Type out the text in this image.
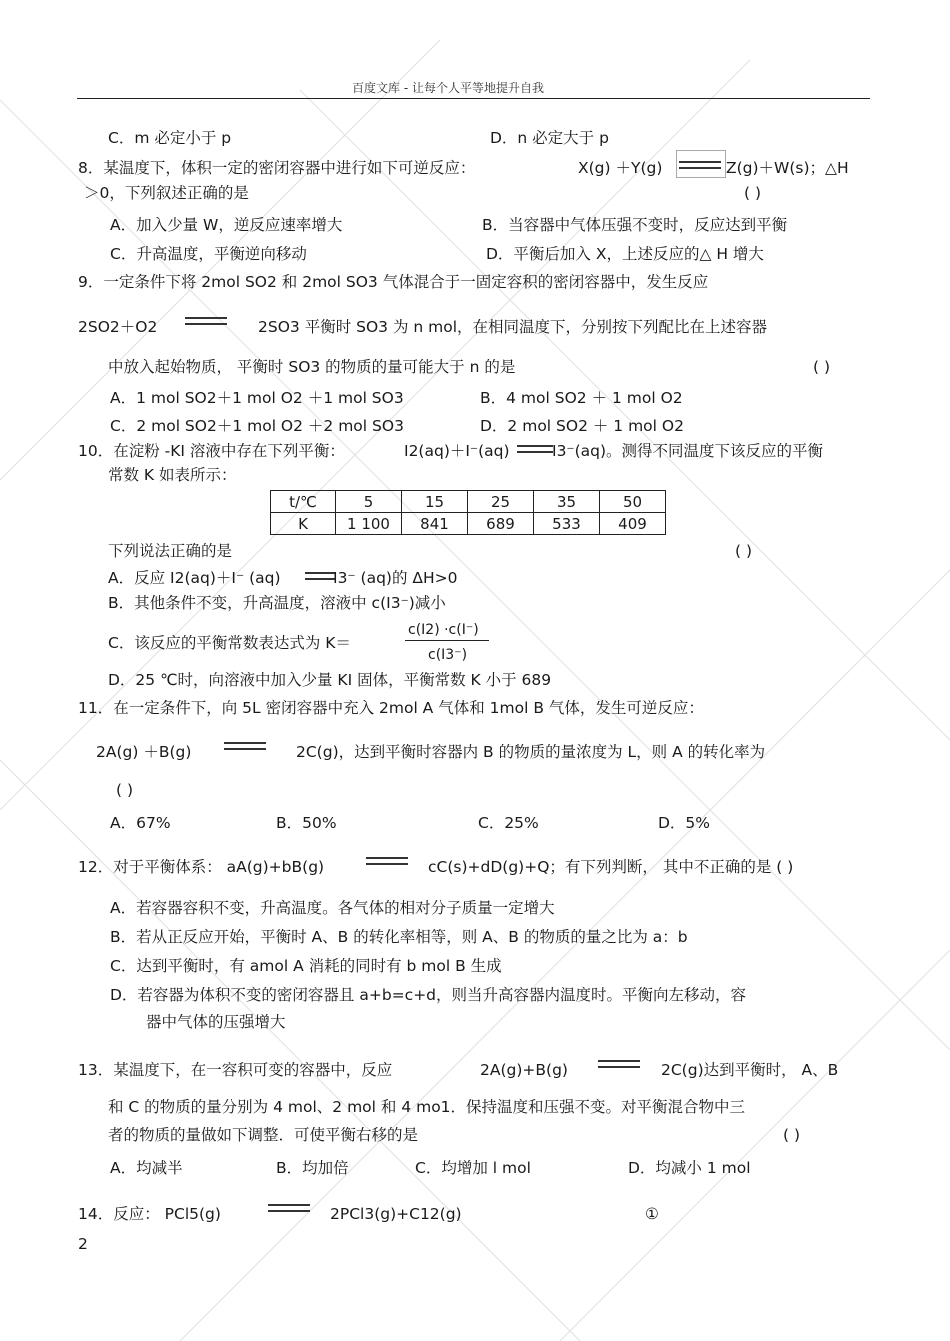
百度文库 - 让每个人平等地提升自我
C．m 必定小于 p	D．n 必定大于 p
8．某温度下，体积一定的密闭容器中进行如下可逆反应：	X(g) ＋Y(g)	Z(g)＋W(s)；△H
＞0，下列叙述正确的是	( )
A．加入少量 W，逆反应速率增大	B．当容器中气体压强不变时，反应达到平衡
C．升高温度，平衡逆向移动	D．平衡后加入 X，上述反应的△ H 增大
9．一定条件下将 2mol SO2 和 2mol SO3 气体混合于一固定容积的密闭容器中，发生反应
2SO2＋O2	2SO3 平衡时 SO3 为 n mol，在相同温度下，分别按下列配比在上述容器
中放入起始物质， 平衡时 SO3 的物质的量可能大于 n 的是	( )
A．1 mol SO2＋1 mol O2 ＋1 mol SO3	B．4 mol SO2 ＋ 1 mol O2
C．2 mol SO2＋1 mol O2 ＋2 mol SO3	D．2 mol SO2 ＋ 1 mol O2
10．在淀粉 -KI 溶液中存在下列平衡：	I2(aq)＋I⁻(aq)	I3⁻(aq)。测得不同温度下该反应的平衡
常数 K 如表所示：
t/℃	5	15	25	35	50
K	1 100	841	689	533	409
下列说法正确的是	( )
A．反应 I2(aq)＋I⁻ (aq)	I3⁻ (aq)的 ΔH>0
B．其他条件不变，升高温度，溶液中 c(I3⁻)减小
C．该反应的平衡常数表达式为 K＝
c(I2) ·c(I⁻)
c(I3⁻)
D．25 ℃时，向溶液中加入少量 KI 固体，平衡常数 K 小于 689
11．在一定条件下，向 5L 密闭容器中充入 2mol A 气体和 1mol B 气体，发生可逆反应：
2A(g) ＋B(g)	2C(g)，达到平衡时容器内 B 的物质的量浓度为 L，则 A 的转化率为
( )
A．67%	B．50%	C．25%	D．5%
12．对于平衡体系： aA(g)+bB(g)	cC(s)+dD(g)+Q；有下列判断， 其中不正确的是 ( )
A．若容器容积不变，升高温度。各气体的相对分子质量一定增大
B．若从正反应开始，平衡时 A、B 的转化率相等，则 A、B 的物质的量之比为 a：b
C．达到平衡时，有 amol A 消耗的同时有 b mol B 生成
D．若容器为体积不变的密闭容器且 a+b=c+d，则当升高容器内温度时。平衡向左移动，容
器中气体的压强增大
13．某温度下，在一容积可变的容器中，反应	2A(g)+B(g)	2C(g)达到平衡时， A、B
和 C 的物质的量分别为 4 mol、2 mol 和 4 mo1．保持温度和压强不变。对平衡混合物中三
者的物质的量做如下调整．可使平衡右移的是	( )
A．均减半	B．均加倍	C．均增加 l mol	D．均减小 1 mol
14．反应： PCl5(g)	2PCl3(g)+C12(g)	①
2
